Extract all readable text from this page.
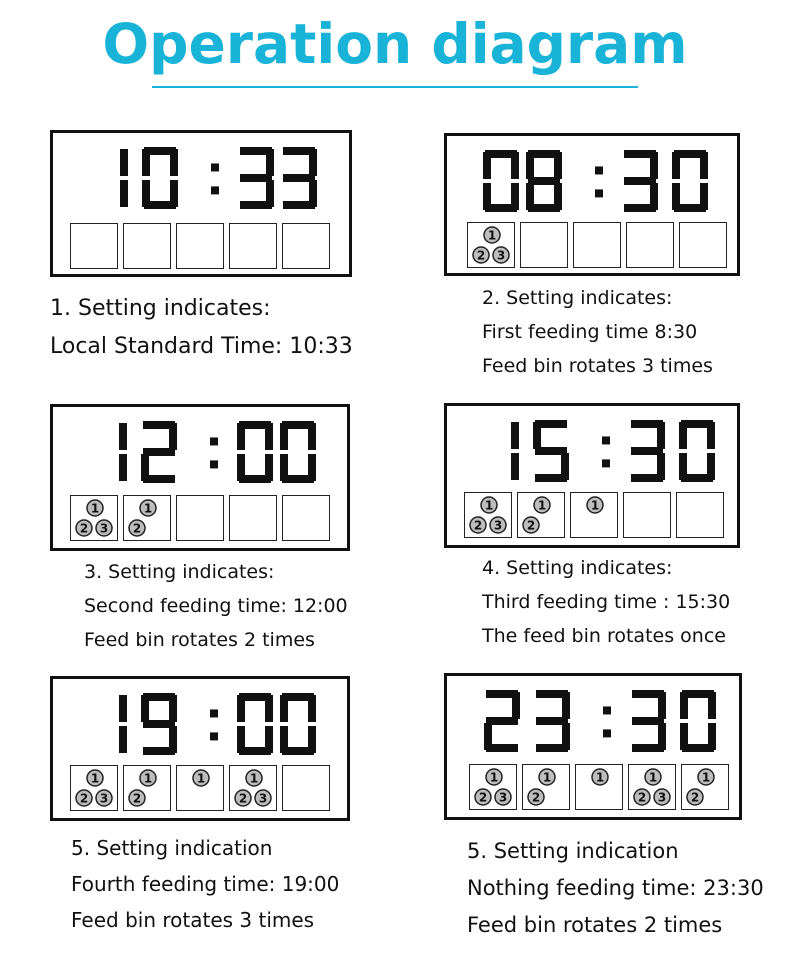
Operation diagram
1. Setting indicates:
Local Standard Time: 10:33
1
2 3
2. Setting indicates:
First feeding time 8:30
Feed bin rotates 3 times
1
2 3
1
2
3. Setting indicates:
Second feeding time: 12:00
Feed bin rotates 2 times
1
2 3
1
2
1
4. Setting indicates:
Third feeding time : 15:30
The feed bin rotates once
1
2 3
1
2
1	1
2 3
5. Setting indication
Fourth feeding time: 19:00
Feed bin rotates 3 times
1
2 3
1
2
1	1
2 3
1
2
5. Setting indication
Nothing feeding time: 23:30
Feed bin rotates 2 times
